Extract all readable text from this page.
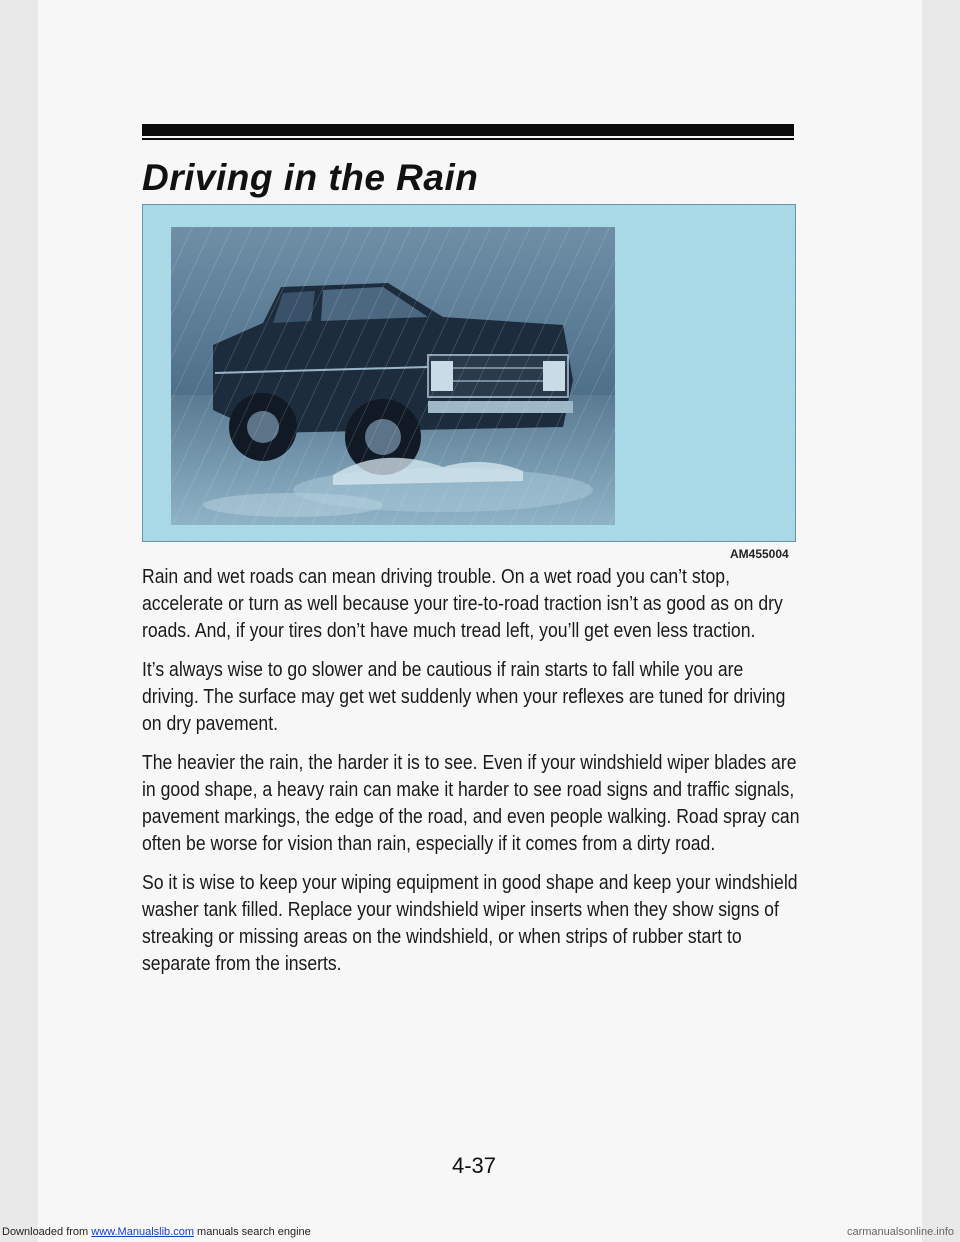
Driving in the Rain
AM455004

Rain and wet roads can mean driving trouble. On a wet road you can’t stop, accelerate or turn as well because your tire-to-road traction isn’t as good as on dry roads. And, if your tires don’t have much tread left, you’ll get even less traction.

It’s always wise to go slower and be cautious if rain starts to fall while you are driving. The surface may get wet suddenly when your reflexes are tuned for driving on dry pavement.

The heavier the rain, the harder it is to see. Even if your windshield wiper blades are in good shape, a heavy rain can make it harder to see road signs and traffic signals, pavement markings, the edge of the road, and even people walking. Road spray can often be worse for vision than rain, especially if it comes from a dirty road.

So it is wise to keep your wiping equipment in good shape and keep your windshield washer tank filled. Replace your windshield wiper inserts when they show signs of streaking or missing areas on the windshield, or when strips of rubber start to separate from the inserts.

4-37
Downloaded from www.Manualslib.com manuals search engine	carmanualsonline.info
